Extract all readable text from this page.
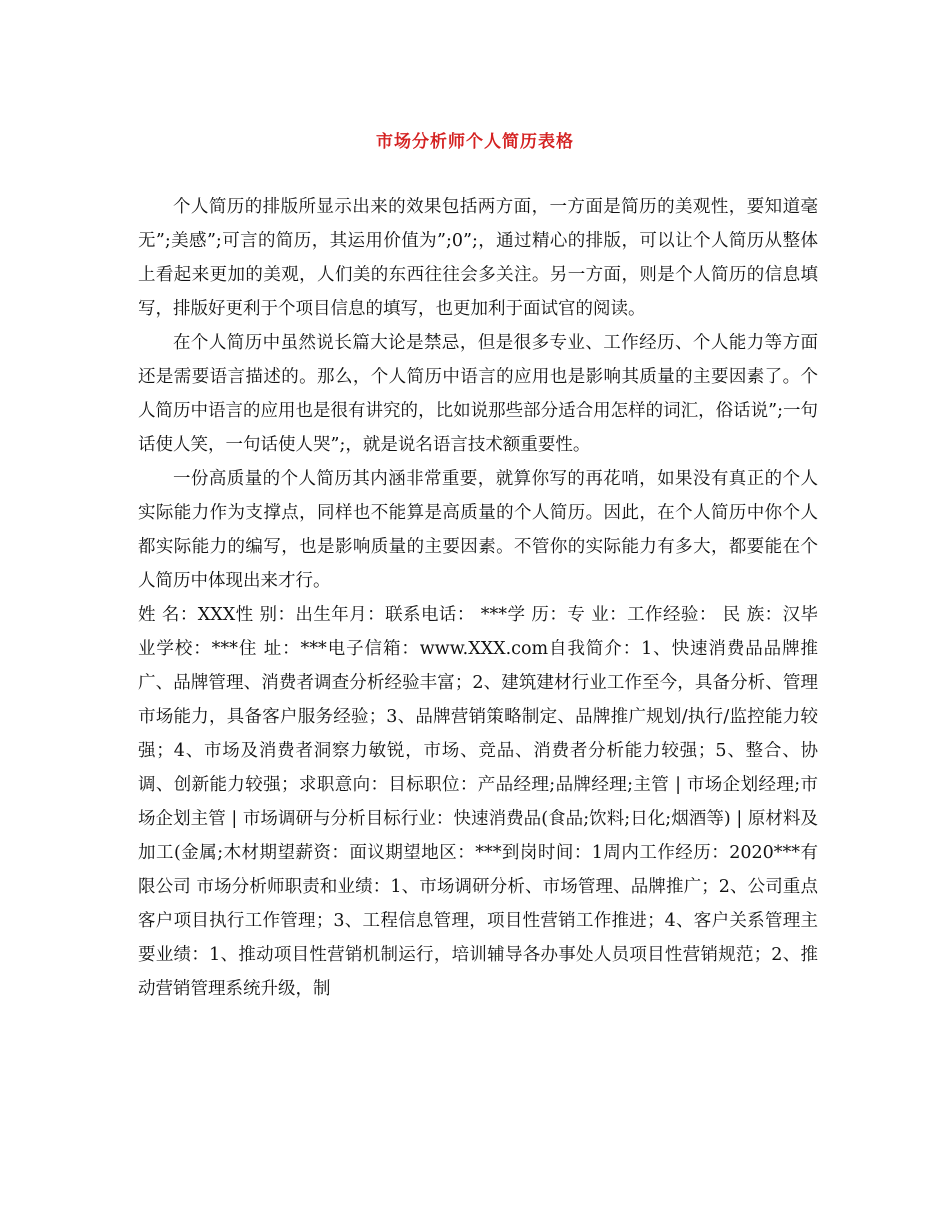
市场分析师个人简历表格

个人简历的排版所显示出来的效果包括两方面，一方面是简历的美观性，要知道毫无”;美感”;可言的简历，其运用价值为”;0”;，通过精心的排版，可以让个人简历从整体上看起来更加的美观，人们美的东西往往会多关注。另一方面，则是个人简历的信息填写，排版好更利于个项目信息的填写，也更加利于面试官的阅读。

在个人简历中虽然说长篇大论是禁忌，但是很多专业、工作经历、个人能力等方面还是需要语言描述的。那么，个人简历中语言的应用也是影响其质量的主要因素了。个人简历中语言的应用也是很有讲究的，比如说那些部分适合用怎样的词汇，俗话说”;一句话使人笑，一句话使人哭”;，就是说名语言技术额重要性。

一份高质量的个人简历其内涵非常重要，就算你写的再花哨，如果没有真正的个人实际能力作为支撑点，同样也不能算是高质量的个人简历。因此，在个人简历中你个人都实际能力的编写，也是影响质量的主要因素。不管你的实际能力有多大，都要能在个人简历中体现出来才行。

姓 名：XXX性 别：出生年月：联系电话： ***学 历：专 业：工作经验： 民 族：汉毕业学校：***住 址：***电子信箱：www.XXX.com自我简介：1、快速消费品品牌推广、品牌管理、消费者调查分析经验丰富；2、建筑建材行业工作至今，具备分析、管理市场能力，具备客户服务经验；3、品牌营销策略制定、品牌推广规划/执行/监控能力较强；4、市场及消费者洞察力敏锐，市场、竞品、消费者分析能力较强；5、整合、协调、创新能力较强；求职意向：目标职位：产品经理;品牌经理;主管 | 市场企划经理;市场企划主管 | 市场调研与分析目标行业：快速消费品(食品;饮料;日化;烟酒等) | 原材料及加工(金属;木材期望薪资：面议期望地区：***到岗时间：1周内工作经历：2020***有限公司 市场分析师职责和业绩：1、市场调研分析、市场管理、品牌推广；2、公司重点客户项目执行工作管理；3、工程信息管理，项目性营销工作推进；4、客户关系管理主要业绩：1、推动项目性营销机制运行，培训辅导各办事处人员项目性营销规范；2、推动营销管理系统升级，制
